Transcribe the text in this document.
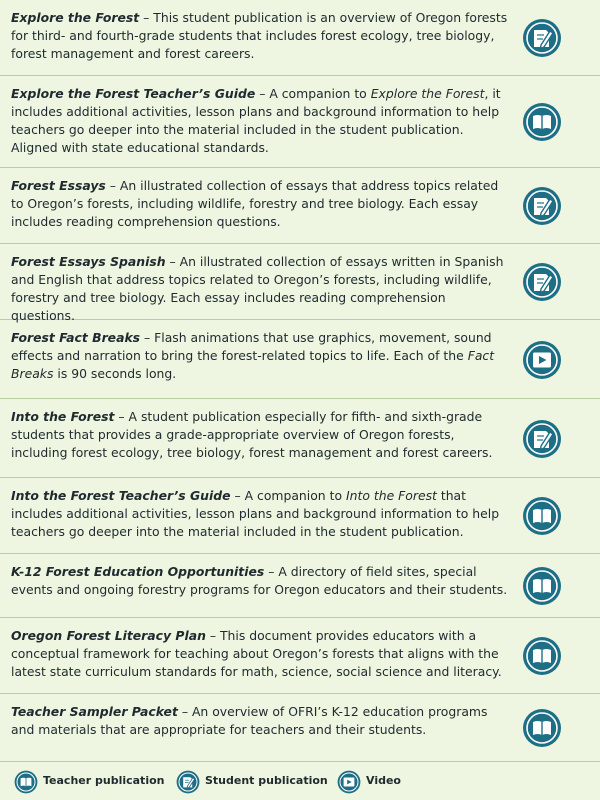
Explore the Forest – This student publication is an overview of Oregon forests for third- and fourth-grade students that includes forest ecology, tree biology, forest management and forest careers.

Explore the Forest Teacher’s Guide – A companion to Explore the Forest, it includes additional activities, lesson plans and background information to help teachers go deeper into the material included in the student publication. Aligned with state educational standards.

Forest Essays – An illustrated collection of essays that address topics related to Oregon’s forests, including wildlife, forestry and tree biology. Each essay includes reading comprehension questions.

Forest Essays Spanish – An illustrated collection of essays written in Spanish and English that address topics related to Oregon’s forests, including wildlife, forestry and tree biology. Each essay includes reading comprehension questions.

Forest Fact Breaks – Flash animations that use graphics, movement, sound effects and narration to bring the forest-related topics to life. Each of the Fact Breaks is 90 seconds long.

Into the Forest – A student publication especially for fifth- and sixth-grade students that provides a grade-appropriate overview of Oregon forests, including forest ecology, tree biology, forest management and forest careers.

Into the Forest Teacher’s Guide – A companion to Into the Forest that includes additional activities, lesson plans and background information to help teachers go deeper into the material included in the student publication.

K-12 Forest Education Opportunities – A directory of field sites, special events and ongoing forestry programs for Oregon educators and their students.

Oregon Forest Literacy Plan – This document provides educators with a conceptual framework for teaching about Oregon’s forests that aligns with the latest state curriculum standards for math, science, social science and literacy.

Teacher Sampler Packet – An overview of OFRI’s K-12 education programs and materials that are appropriate for teachers and their students.

Teacher publication	Student publication	Video
